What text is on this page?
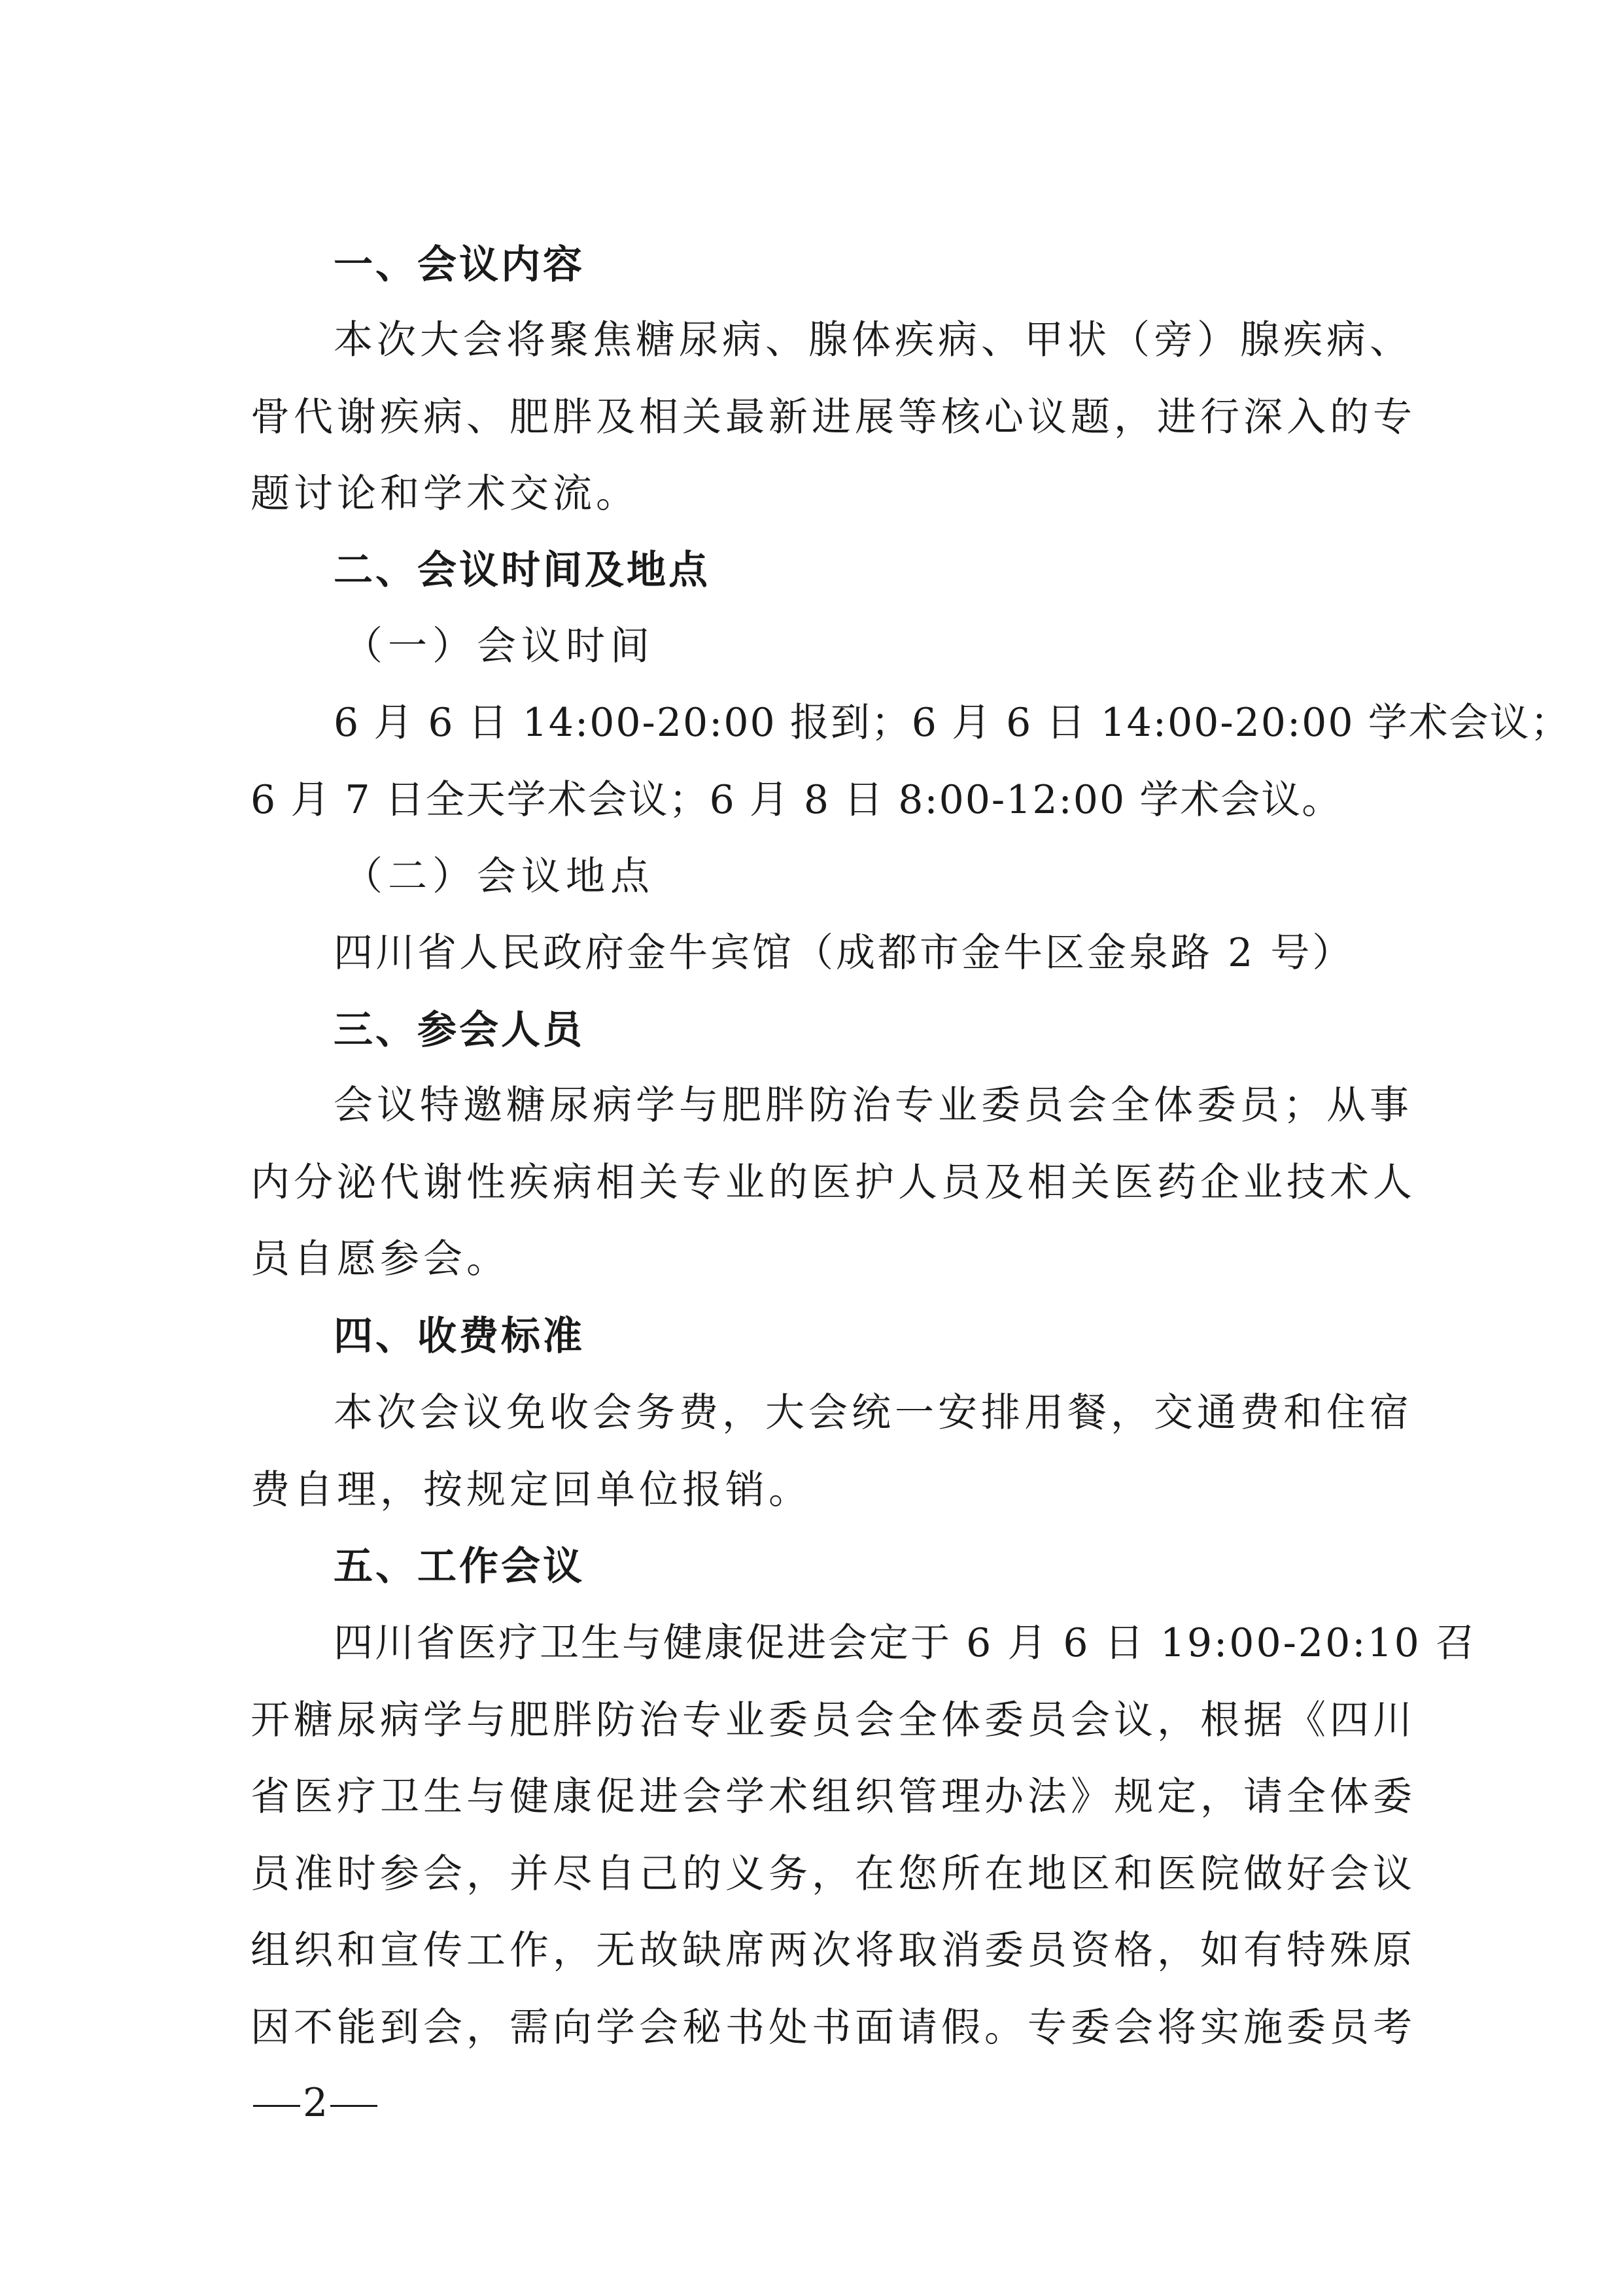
一、会议内容
本次大会将聚焦糖尿病、腺体疾病、甲状（旁）腺疾病、
骨代谢疾病、肥胖及相关最新进展等核心议题，进行深入的专
题讨论和学术交流。
二、会议时间及地点
（一）会议时间
6 月 6 日 14:00-20:00 报到；6 月 6 日 14:00-20:00 学术会议；
6 月 7 日全天学术会议；6 月 8 日 8:00-12:00 学术会议。
（二）会议地点
四川省人民政府金牛宾馆（成都市金牛区金泉路 2 号）
三、参会人员
会议特邀糖尿病学与肥胖防治专业委员会全体委员；从事
内分泌代谢性疾病相关专业的医护人员及相关医药企业技术人
员自愿参会。
四、收费标准
本次会议免收会务费，大会统一安排用餐，交通费和住宿
费自理，按规定回单位报销。
五、工作会议
四川省医疗卫生与健康促进会定于 6 月 6 日 19:00-20:10 召
开糖尿病学与肥胖防治专业委员会全体委员会议，根据《四川
省医疗卫生与健康促进会学术组织管理办法》规定，请全体委
员准时参会，并尽自己的义务，在您所在地区和医院做好会议
组织和宣传工作，无故缺席两次将取消委员资格，如有特殊原
因不能到会，需向学会秘书处书面请假。专委会将实施委员考
2
